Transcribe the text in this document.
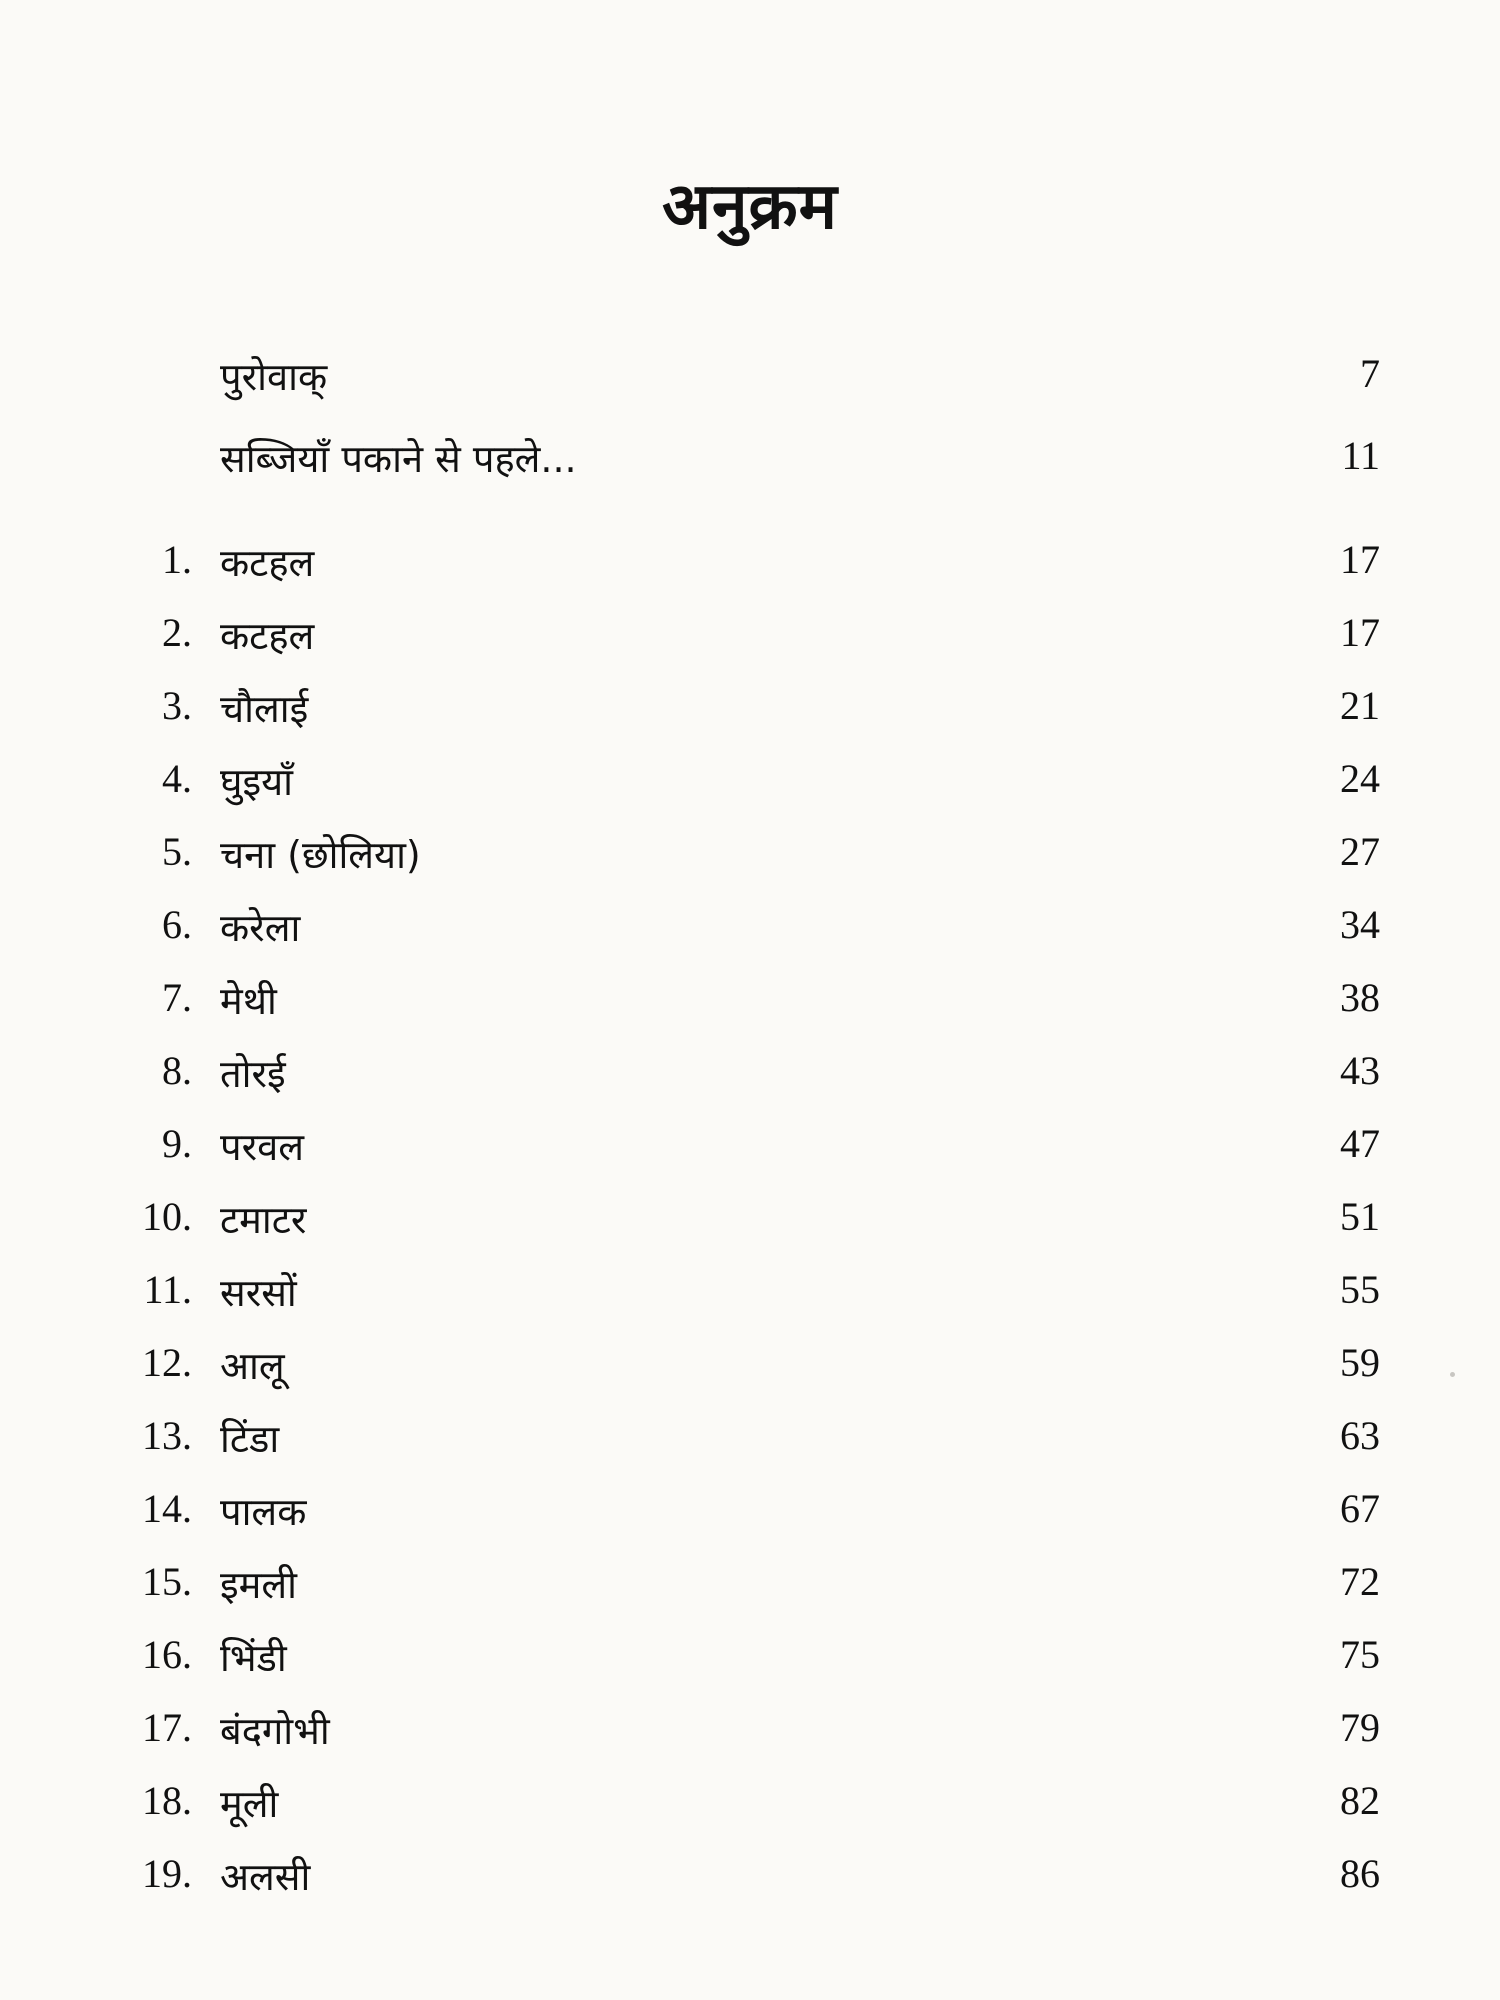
अनुक्रम
पुरोवाक्	7
सब्जियाँ पकाने से पहले...	11
1. कटहल	17
2. कटहल	17
3. चौलाई	21
4. घुइयाँ	24
5. चना (छोलिया)	27
6. करेला	34
7. मेथी	38
8. तोरई	43
9. परवल	47
10. टमाटर	51
11. सरसों	55
12. आलू	59
13. टिंडा	63
14. पालक	67
15. इमली	72
16. भिंडी	75
17. बंदगोभी	79
18. मूली	82
19. अलसी	86
